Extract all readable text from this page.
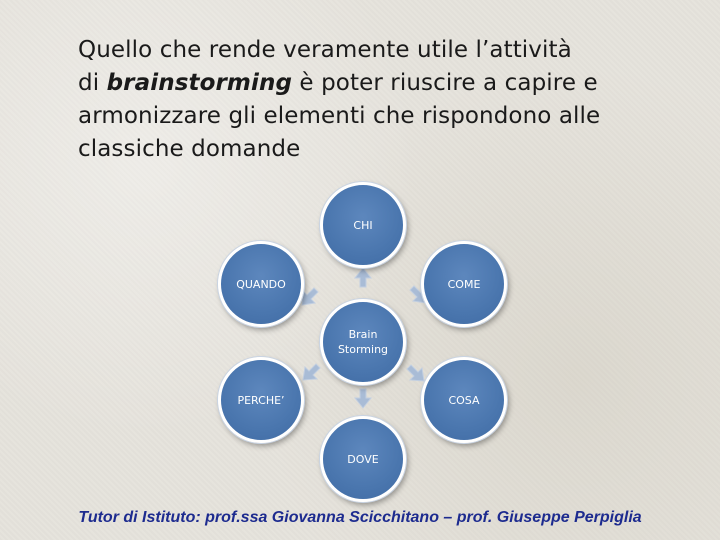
Quello che rende veramente utile l’attività
di brainstorming è poter riuscire a capire e
armonizzare gli elementi che rispondono alle
classiche domande
CHI
COME
COSA
DOVE
PERCHE’
QUANDO
Brain
Storming
Tutor di Istituto: prof.ssa Giovanna Scicchitano – prof. Giuseppe Perpiglia
